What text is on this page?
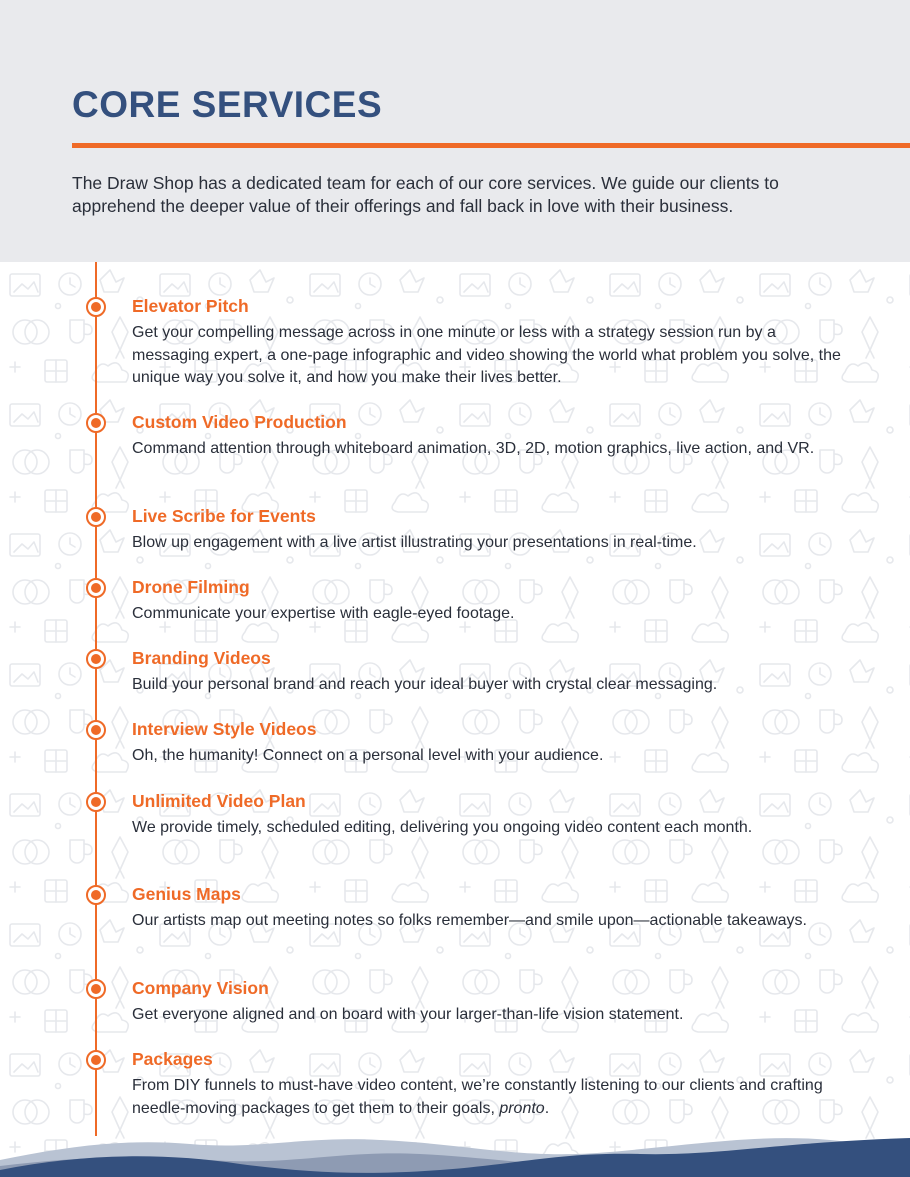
CORE SERVICES

The Draw Shop has a dedicated team for each of our core services. We guide our clients to apprehend the deeper value of their offerings and fall back in love with their business.

Elevator Pitch

Get your compelling message across in one minute or less with a strategy session run by a messaging expert, a one-page infographic and video showing the world what problem you solve, the unique way you solve it, and how you make their lives better.

Custom Video Production

Command attention through whiteboard animation, 3D, 2D, motion graphics, live action, and VR.

Live Scribe for Events

Blow up engagement with a live artist illustrating your presentations in real-time.

Drone Filming

Communicate your expertise with eagle-eyed footage.

Branding Videos

Build your personal brand and reach your ideal buyer with crystal clear messaging.

Interview Style Videos

Oh, the humanity! Connect on a personal level with your audience.

Unlimited Video Plan

We provide timely, scheduled editing, delivering you ongoing video content each month.

Genius Maps

Our artists map out meeting notes so folks remember—and smile upon—actionable takeaways.

Company Vision

Get everyone aligned and on board with your larger-than-life vision statement.

Packages

From DIY funnels to must-have video content, we’re constantly listening to our clients and crafting needle-moving packages to get them to their goals, pronto.
